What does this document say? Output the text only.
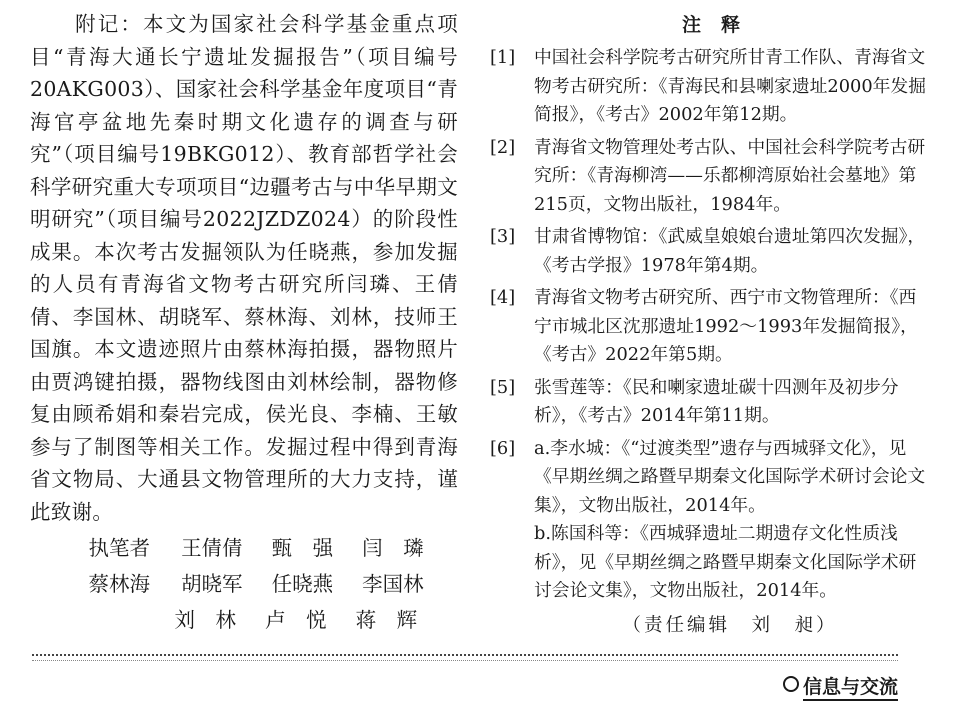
附记：本文为国家社会科学基金重点项目“青海大通长宁遗址发掘报告”（项目编号20AKG003）、国家社会科学基金年度项目“青海官亭盆地先秦时期文化遗存的调查与研究”（项目编号19BKG012）、教育部哲学社会科学研究重大专项项目“边疆考古与中华早期文明研究”（项目编号2022JZDZ024）的阶段性成果。本次考古发掘领队为任晓燕，参加发掘的人员有青海省文物考古研究所闫璘、王倩倩、李国林、胡晓军、蔡林海、刘林，技师王国旗。本文遗迹照片由蔡林海拍摄，器物照片由贾鸿键拍摄，器物线图由刘林绘制，器物修复由顾希娟和秦岩完成，侯光良、李楠、王敏参与了制图等相关工作。发掘过程中得到青海省文物局、大通县文物管理所的大力支持，谨此致谢。

执笔者 王倩倩 甄　强 闫　璘
蔡林海 胡晓军 任晓燕 李国林
刘　林 卢　悦 蒋　辉
注释
[1]	中国社会科学院考古研究所甘青工作队、青海省文物考古研究所：《青海民和县喇家遗址2000年发掘简报》，《考古》2002年第12期。
[2]	青海省文物管理处考古队、中国社会科学院考古研究所：《青海柳湾——乐都柳湾原始社会墓地》第215页，文物出版社，1984年。
[3]	甘肃省博物馆：《武威皇娘娘台遗址第四次发掘》，《考古学报》1978年第4期。
[4]	青海省文物考古研究所、西宁市文物管理所：《西宁市城北区沈那遗址1992～1993年发掘简报》，《考古》2022年第5期。
[5]	张雪莲等：《民和喇家遗址碳十四测年及初步分析》，《考古》2014年第11期。
[6]	a.李水城：《“过渡类型”遗存与西城驿文化》，见《早期丝绸之路暨早期秦文化国际学术研讨会论文集》，文物出版社，2014年。
b.陈国科等：《西城驿遗址二期遗存文化性质浅析》，见《早期丝绸之路暨早期秦文化国际学术研讨会论文集》，文物出版社，2014年。
（责任编辑　刘　昶）
信息与交流
